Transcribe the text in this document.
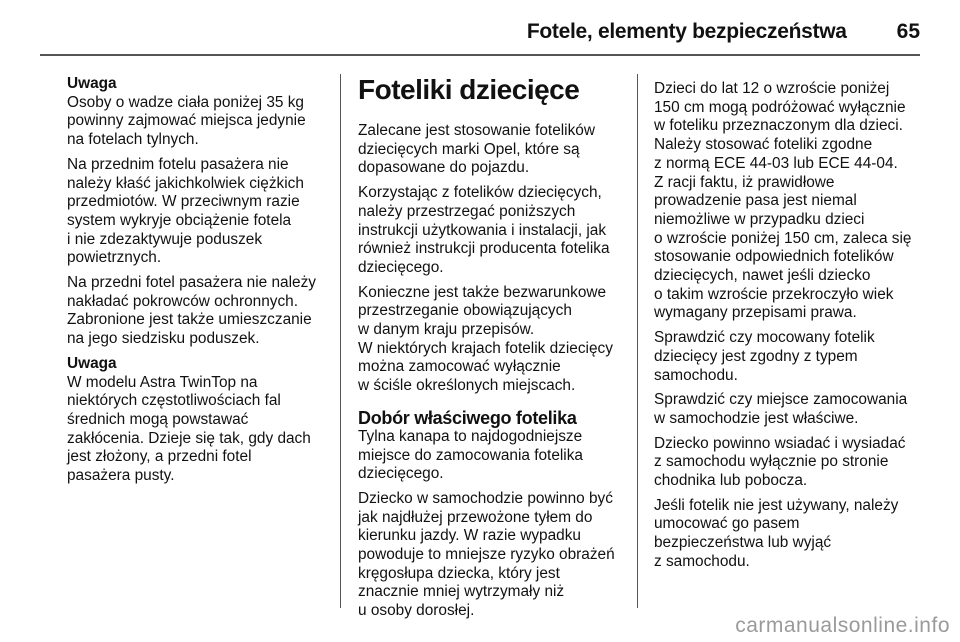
Fotele, elementy bezpieczeństwa 65
Uwaga

Osoby o wadze ciała poniżej 35 kg
powinny zajmować miejsca jedynie
na fotelach tylnych.

Na przednim fotelu pasażera nie
należy kłaść jakichkolwiek ciężkich
przedmiotów. W przeciwnym razie
system wykryje obciążenie fotela
i nie zdezaktywuje poduszek
powietrznych.

Na przedni fotel pasażera nie należy
nakładać pokrowców ochronnych.
Zabronione jest także umieszczanie
na jego siedzisku poduszek.

Uwaga

W modelu Astra TwinTop na
niektórych częstotliwościach fal
średnich mogą powstawać
zakłócenia. Dzieje się tak, gdy dach
jest złożony, a przedni fotel
pasażera pusty.

Foteliki dziecięce

Zalecane jest stosowanie fotelików
dziecięcych marki Opel, które są
dopasowane do pojazdu.

Korzystając z fotelików dziecięcych,
należy przestrzegać poniższych
instrukcji użytkowania i instalacji, jak
również instrukcji producenta fotelika
dziecięcego.

Konieczne jest także bezwarunkowe
przestrzeganie obowiązujących
w danym kraju przepisów.
W niektórych krajach fotelik dziecięcy
można zamocować wyłącznie
w ściśle określonych miejscach.

Dobór właściwego fotelika

Tylna kanapa to najdogodniejsze
miejsce do zamocowania fotelika
dziecięcego.

Dziecko w samochodzie powinno być
jak najdłużej przewożone tyłem do
kierunku jazdy. W razie wypadku
powoduje to mniejsze ryzyko obrażeń
kręgosłupa dziecka, który jest
znacznie mniej wytrzymały niż
u osoby dorosłej.

Dzieci do lat 12 o wzroście poniżej
150 cm mogą podróżować wyłącznie
w foteliku przeznaczonym dla dzieci.
Należy stosować foteliki zgodne
z normą ECE 44-03 lub ECE 44-04.
Z racji faktu, iż prawidłowe
prowadzenie pasa jest niemal
niemożliwe w przypadku dzieci
o wzroście poniżej 150 cm, zaleca się
stosowanie odpowiednich fotelików
dziecięcych, nawet jeśli dziecko
o takim wzroście przekroczyło wiek
wymagany przepisami prawa.

Sprawdzić czy mocowany fotelik
dziecięcy jest zgodny z typem
samochodu.

Sprawdzić czy miejsce zamocowania
w samochodzie jest właściwe.

Dziecko powinno wsiadać i wysiadać
z samochodu wyłącznie po stronie
chodnika lub pobocza.

Jeśli fotelik nie jest używany, należy
umocować go pasem
bezpieczeństwa lub wyjąć
z samochodu.

carmanualsonline.info
